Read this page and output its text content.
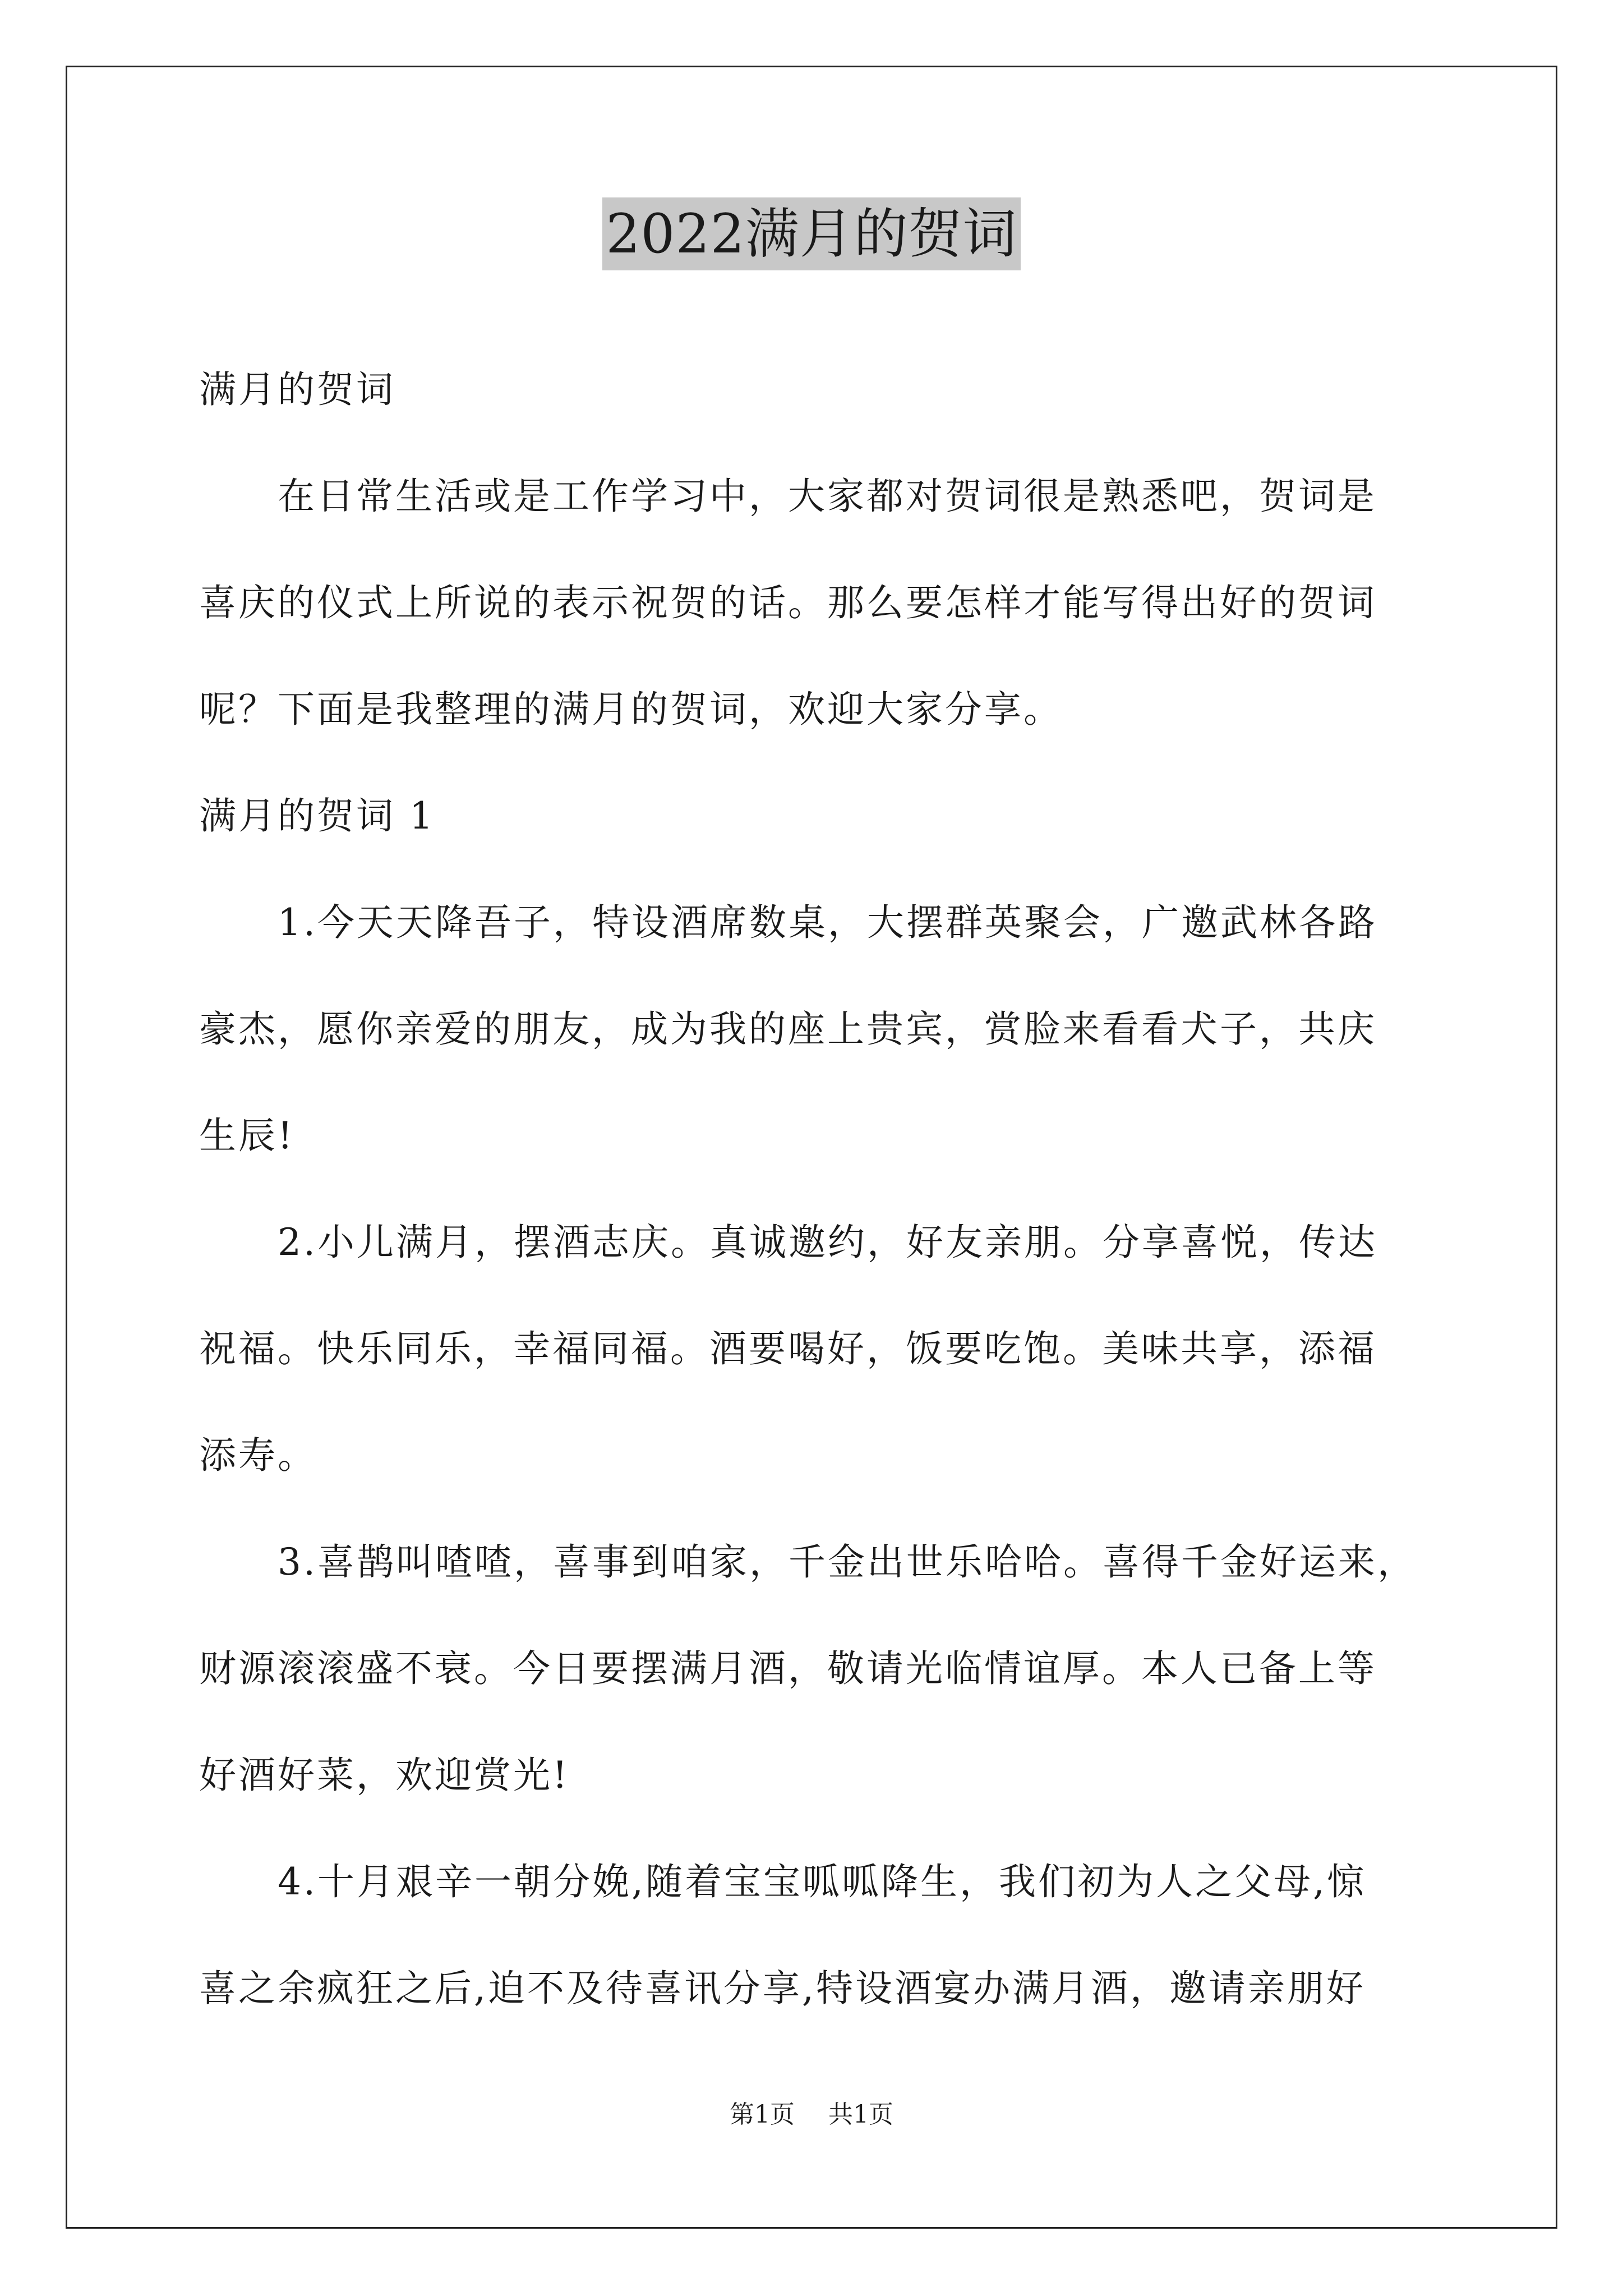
2022满月的贺词
满月的贺词
在日常生活或是工作学习中，大家都对贺词很是熟悉吧，贺词是
喜庆的仪式上所说的表示祝贺的话。那么要怎样才能写得出好的贺词
呢？下面是我整理的满月的贺词，欢迎大家分享。
满月的贺词 1
1.今天天降吾子，特设酒席数桌，大摆群英聚会，广邀武林各路
豪杰，愿你亲爱的朋友，成为我的座上贵宾，赏脸来看看犬子，共庆
生辰!
2.小儿满月，摆酒志庆。真诚邀约，好友亲朋。分享喜悦，传达
祝福。快乐同乐，幸福同福。酒要喝好，饭要吃饱。美味共享，添福
添寿。
3.喜鹊叫喳喳，喜事到咱家，千金出世乐哈哈。喜得千金好运来，
财源滚滚盛不衰。今日要摆满月酒，敬请光临情谊厚。本人已备上等
好酒好菜，欢迎赏光!
4.十月艰辛一朝分娩,随着宝宝呱呱降生，我们初为人之父母,惊
喜之余疯狂之后,迫不及待喜讯分享,特设酒宴办满月酒，邀请亲朋好
第1页 共1页
